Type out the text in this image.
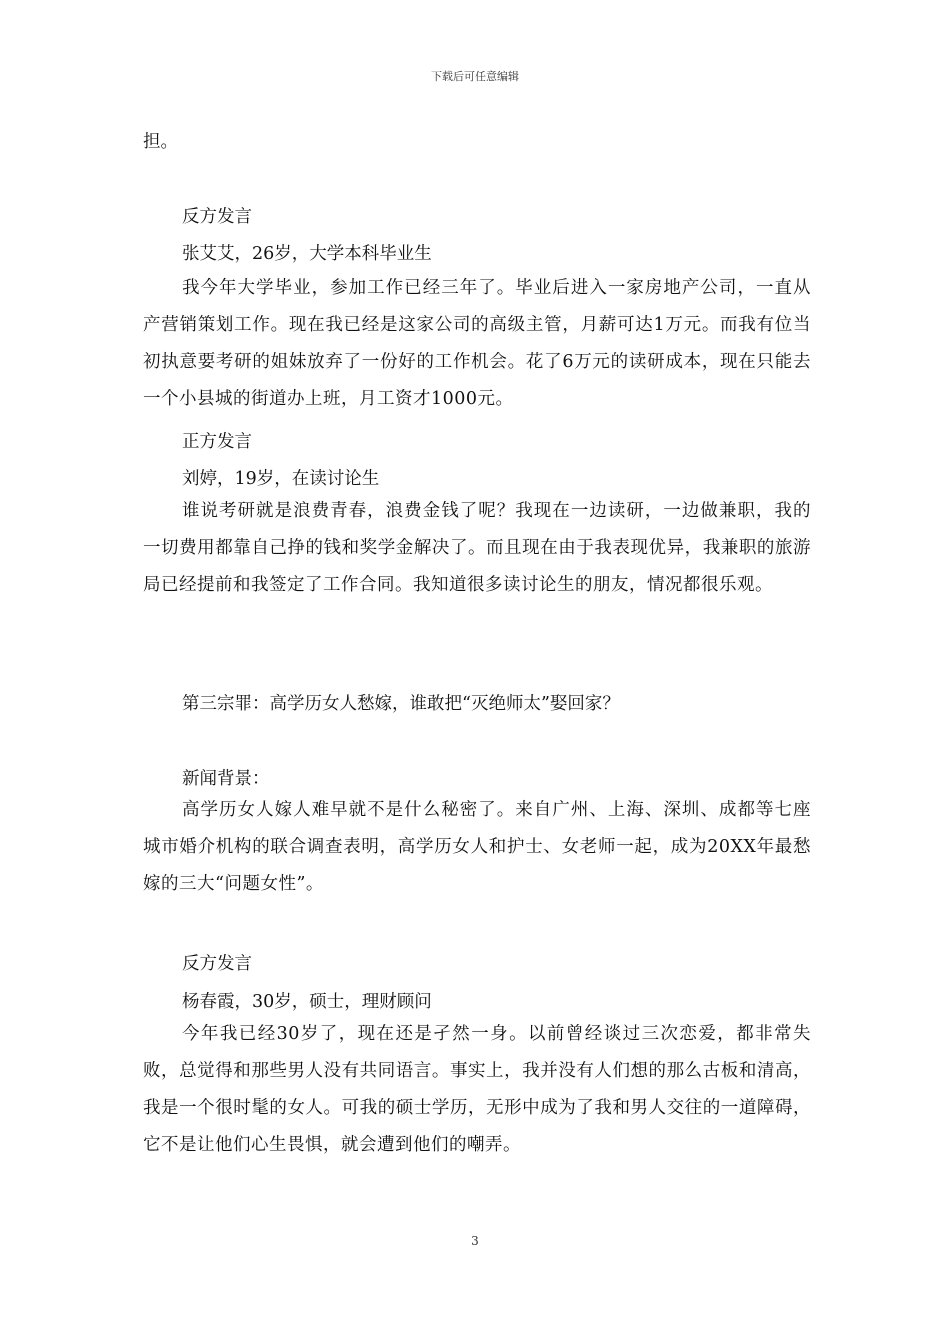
下载后可任意编辑
担。
反方发言
张艾艾，26岁，大学本科毕业生
我今年大学毕业，参加工作已经三年了。毕业后进入一家房地产公司，一直从产营销策划工作。现在我已经是这家公司的高级主管，月薪可达1万元。而我有位当初执意要考研的姐妹放弃了一份好的工作机会。花了6万元的读研成本，现在只能去一个小县城的街道办上班，月工资才1000元。
正方发言
刘婷，19岁，在读讨论生
谁说考研就是浪费青春，浪费金钱了呢？我现在一边读研，一边做兼职，我的一切费用都靠自己挣的钱和奖学金解决了。而且现在由于我表现优异，我兼职的旅游局已经提前和我签定了工作合同。我知道很多读讨论生的朋友，情况都很乐观。
第三宗罪：高学历女人愁嫁，谁敢把“灭绝师太”娶回家？
新闻背景：
高学历女人嫁人难早就不是什么秘密了。来自广州、上海、深圳、成都等七座城市婚介机构的联合调查表明，高学历女人和护士、女老师一起，成为20XX年最愁嫁的三大“问题女性”。
反方发言
杨春霞，30岁，硕士，理财顾问
今年我已经30岁了，现在还是孑然一身。以前曾经谈过三次恋爱，都非常失败，总觉得和那些男人没有共同语言。事实上，我并没有人们想的那么古板和清高，我是一个很时髦的女人。可我的硕士学历，无形中成为了我和男人交往的一道障碍，它不是让他们心生畏惧，就会遭到他们的嘲弄。
3
